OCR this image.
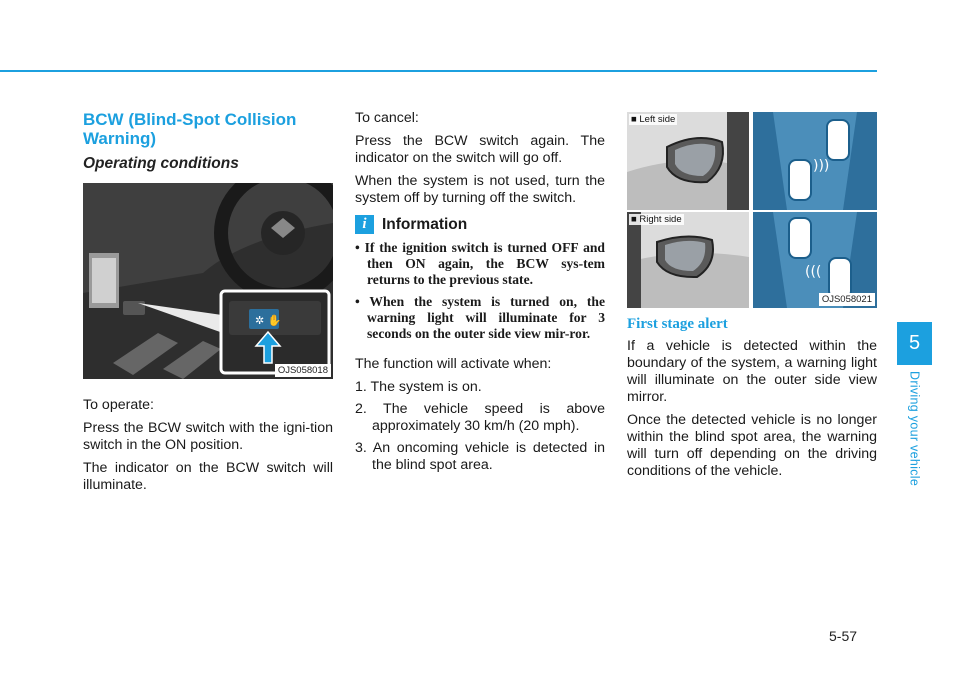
BCW (Blind-Spot Collision Warning)
Operating conditions
✲ ✋
OJS058018

To operate:

Press the BCW switch with the igni-tion switch in the ON position.

The indicator on the BCW switch will illuminate.

To cancel:

Press the BCW switch again. The indicator on the switch will go off.

When the system is not used, turn the system off by turning off the switch.

i Information
• If the ignition switch is turned OFF and then ON again, the BCW sys-tem returns to the previous state.
• When the system is turned on, the warning light will illuminate for 3 seconds on the outer side view mir-ror.

The function will activate when:

1. The system is on.
2. The vehicle speed is above approximately 30 km/h (20 mph).
3. An oncoming vehicle is detected in the blind spot area.
■ Left side
)))
■ Right side
(((
OJS058021
First stage alert

If a vehicle is detected within the boundary of the system, a warning light will illuminate on the outer side view mirror.

Once the detected vehicle is no longer within the blind spot area, the warning will turn off depending on the driving conditions of the vehicle.

5
Driving your vehicle
5-57
